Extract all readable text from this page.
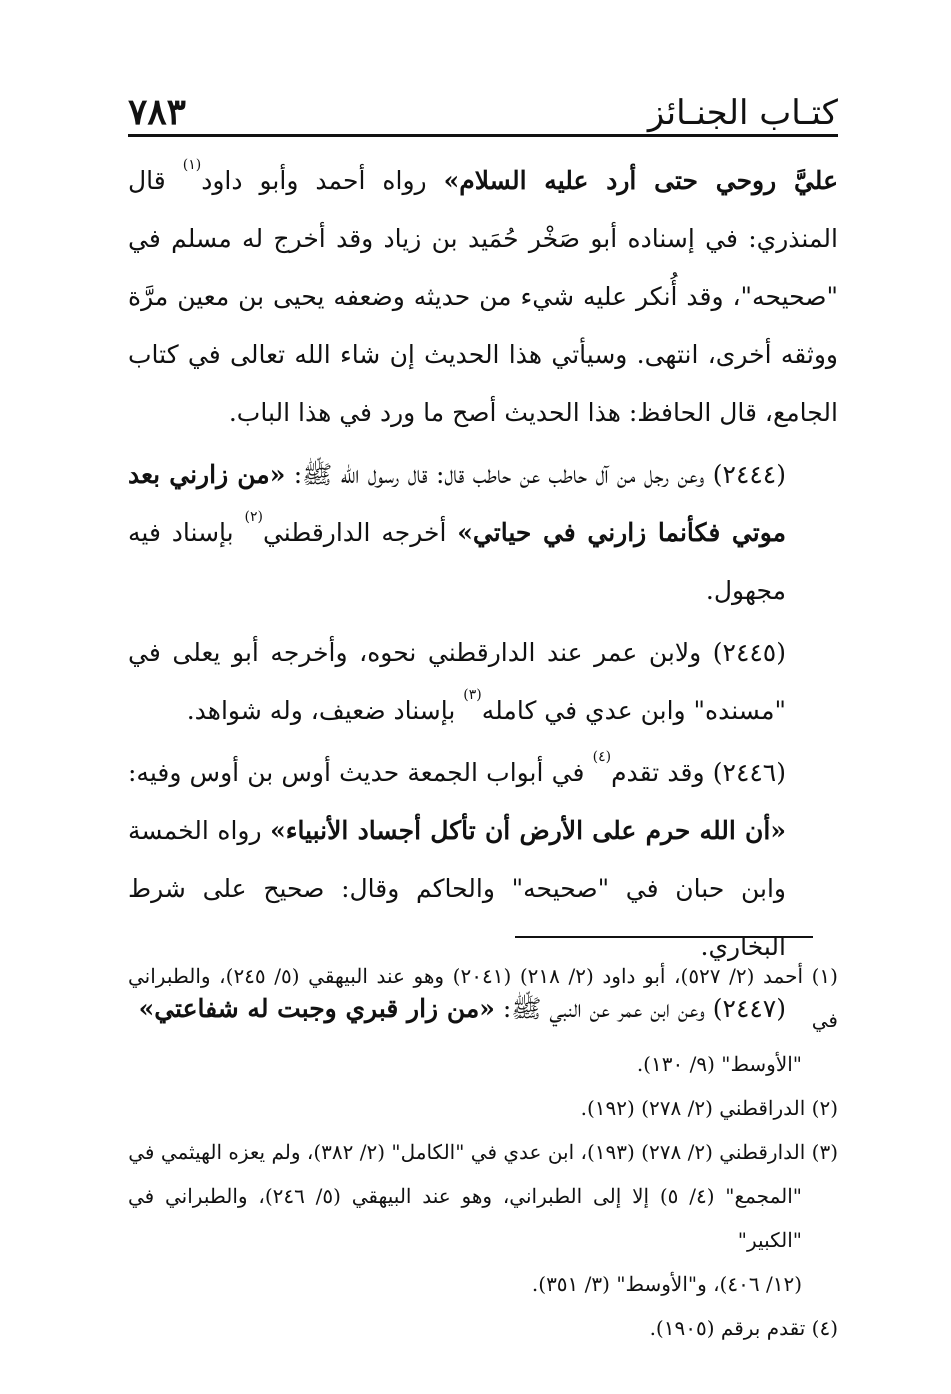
كتـاب الجنـائز
٧٨٣

عليَّ روحي حتى أرد عليه السلام» رواه أحمد وأبو داود$^{(١)}$ قال المنذري: في إسناده أبو صَخْر حُمَيد بن زياد وقد أخرج له مسلم في "صحيحه"، وقد أُنكر عليه شيء من حديثه وضعفه يحيى بن معين مرَّة ووثقه أخرى، انتهى. وسيأتي هذا الحديث إن شاء الله تعالى في كتاب الجامع، قال الحافظ: هذا الحديث أصح ما ورد في هذا الباب.

(٢٤٤٤) وعن رجل من آل حاطب عن حاطب قال: قال رسول الله ﷺ: «من زارني بعد موتي فكأنما زارني في حياتي» أخرجه الدارقطني$^{(٢)}$ بإسناد فيه مجهول.

(٢٤٤٥) ولابن عمر عند الدارقطني نحوه، وأخرجه أبو يعلى في "مسنده" وابن عدي في كامله$^{(٣)}$ بإسناد ضعيف، وله شواهد.

(٢٤٤٦) وقد تقدم$^{(٤)}$ في أبواب الجمعة حديث أوس بن أوس وفيه: «أن الله حرم على الأرض أن تأكل أجساد الأنبياء» رواه الخمسة وابن حبان في "صحيحه" والحاكم وقال: صحيح على شرط البخاري.

(٢٤٤٧) وعن ابن عمر عن النبي ﷺ: «من زار قبري وجبت له شفاعتي»

(١) أحمد (٢/ ٥٢٧)، أبو داود (٢/ ٢١٨) (٢٠٤١) وهو عند البيهقي (٥/ ٢٤٥)، والطبراني في

"الأوسط" (٩/ ١٣٠).

(٢) الدراقطني (٢/ ٢٧٨) (١٩٢).

(٣) الدارقطني (٢/ ٢٧٨) (١٩٣)، ابن عدي في "الكامل" (٢/ ٣٨٢)، ولم يعزه الهيثمي في

"المجمع" (٤/ ٥) إلا إلى الطبراني، وهو عند البيهقي (٥/ ٢٤٦)، والطبراني في "الكبير"

(١٢/ ٤٠٦)، و"الأوسط" (٣/ ٣٥١).

(٤) تقدم برقم (١٩٠٥).
